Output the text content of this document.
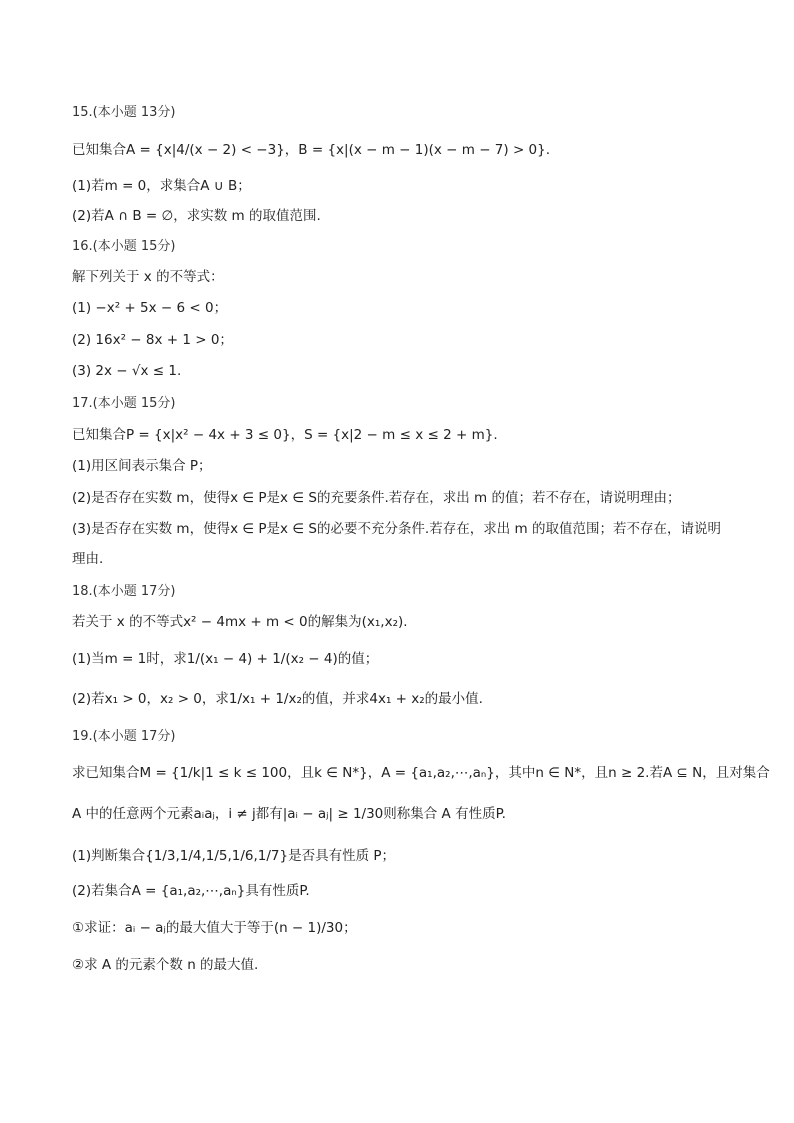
15.(本小题 13分)
已知集合A = {x|4/(x − 2) < −3}，B = {x|(x − m − 1)(x − m − 7) > 0}.
(1)若m = 0，求集合A ∪ B；
(2)若A ∩ B = ∅，求实数 m 的取值范围.
16.(本小题 15分)
解下列关于 x 的不等式：
(1) −x² + 5x − 6 < 0；
(2) 16x² − 8x + 1 > 0；
(3) 2x − √x ≤ 1.
17.(本小题 15分)
已知集合P = {x|x² − 4x + 3 ≤ 0}，S = {x|2 − m ≤ x ≤ 2 + m}.
(1)用区间表示集合 P；
(2)是否存在实数 m，使得x ∈ P是x ∈ S的充要条件.若存在，求出 m 的值；若不存在，请说明理由；
(3)是否存在实数 m，使得x ∈ P是x ∈ S的必要不充分条件.若存在，求出 m 的取值范围；若不存在，请说明理由.
18.(本小题 17分)
若关于 x 的不等式x² − 4mx + m < 0的解集为(x₁,x₂).
(1)当m = 1时，求1/(x₁ − 4) + 1/(x₂ − 4)的值；
(2)若x₁ > 0，x₂ > 0，求1/x₁ + 1/x₂的值，并求4x₁ + x₂的最小值.
19.(本小题 17分)
求已知集合M = {1/k|1 ≤ k ≤ 100，且k ∈ N*}，A = {a₁,a₂,⋯,aₙ}，其中n ∈ N*，且n ≥ 2.若A ⊆ N，且对集合
A 中的任意两个元素aᵢaⱼ，i ≠ j都有|aᵢ − aⱼ| ≥ 1/30则称集合 A 有性质P.
(1)判断集合{1/3,1/4,1/5,1/6,1/7}是否具有性质 P；
(2)若集合A = {a₁,a₂,⋯,aₙ}具有性质P.
①求证：aᵢ − aⱼ的最大值大于等于(n − 1)/30；
②求 A 的元素个数 n 的最大值.
